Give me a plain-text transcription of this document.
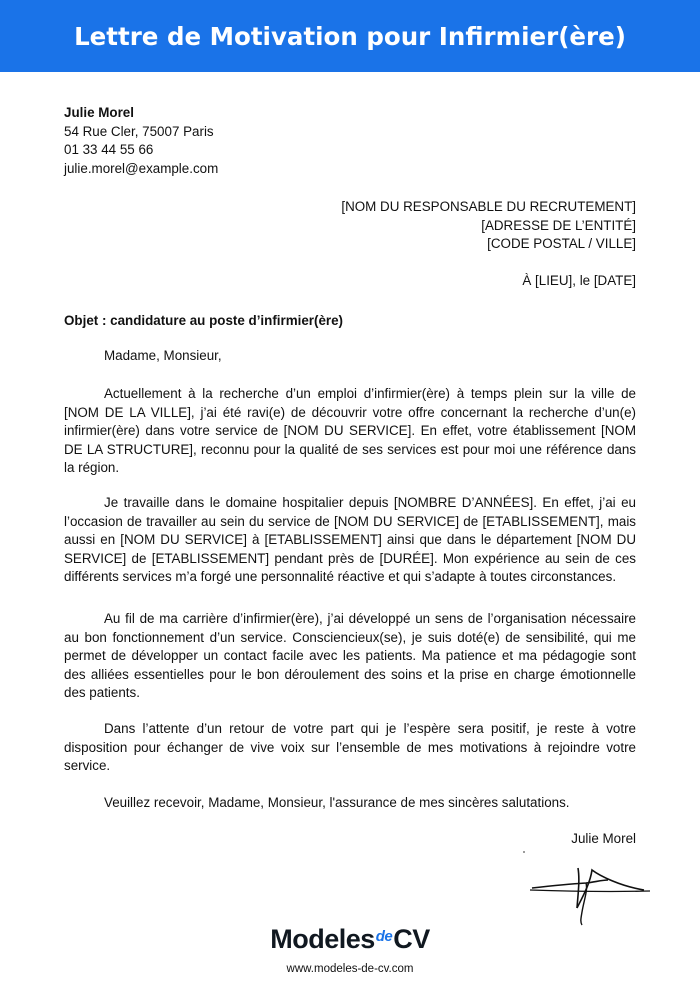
Lettre de Motivation pour Infirmier(ère)
Julie Morel
54 Rue Cler, 75007 Paris
01 33 44 55 66
julie.morel@example.com
[NOM DU RESPONSABLE DU RECRUTEMENT]
[ADRESSE DE L’ENTITÉ]
[CODE POSTAL / VILLE]
À [LIEU], le [DATE]
Objet : candidature au poste d’infirmier(ère)
Madame, Monsieur,
Actuellement à la recherche d’un emploi d’infirmier(ère) à temps plein sur la ville de [NOM DE LA VILLE], j’ai été ravi(e) de découvrir votre offre concernant la recherche d’un(e) infirmier(ère) dans votre service de [NOM DU SERVICE]. En effet, votre établissement [NOM DE LA STRUCTURE], reconnu pour la qualité de ses services est pour moi une référence dans la région.
Je travaille dans le domaine hospitalier depuis [NOMBRE D’ANNÉES]. En effet, j’ai eu l’occasion de travailler au sein du service de [NOM DU SERVICE] de [ETABLISSEMENT], mais aussi en [NOM DU SERVICE] à [ETABLISSEMENT] ainsi que dans le département [NOM DU SERVICE] de [ETABLISSEMENT] pendant près de [DURÉE]. Mon expérience au sein de ces différents services m’a forgé une personnalité réactive et qui s’adapte à toutes circonstances.
Au fil de ma carrière d’infirmier(ère), j’ai développé un sens de l’organisation nécessaire au bon fonctionnement d’un service. Consciencieux(se), je suis doté(e) de sensibilité, qui me permet de développer un contact facile avec les patients. Ma patience et ma pédagogie sont des alliées essentielles pour le bon déroulement des soins et la prise en charge émotionnelle des patients.
Dans l’attente d’un retour de votre part qui je l’espère sera positif, je reste à votre disposition pour échanger de vive voix sur l’ensemble de mes motivations à rejoindre votre service.
Veuillez recevoir, Madame, Monsieur, l'assurance de mes sincères salutations.
Julie Morel
Modeles$^{de}$CV
www.modeles-de-cv.com
